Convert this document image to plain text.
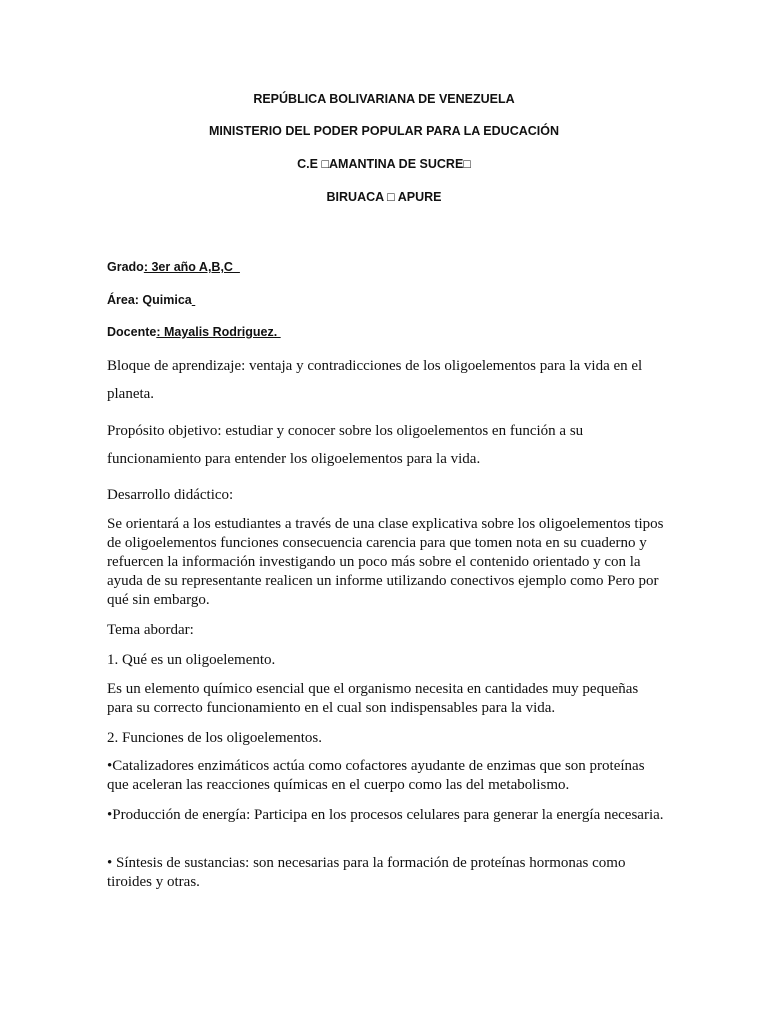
REPÚBLICA BOLIVARIANA DE VENEZUELA
MINISTERIO DEL PODER POPULAR PARA LA EDUCACIÓN
C.E □AMANTINA DE SUCRE□
BIRUACA □ APURE
Grado: 3er año A,B,C
Área: Quimica
Docente: Mayalis Rodriguez.
Bloque de aprendizaje: ventaja y contradicciones de los oligoelementos para la vida en el planeta.
Propósito objetivo: estudiar y conocer sobre los oligoelementos en función a su funcionamiento para entender los oligoelementos para la vida.
Desarrollo didáctico:
Se orientará a los estudiantes a través de una clase explicativa sobre los oligoelementos tipos de oligoelementos funciones consecuencia carencia para que tomen nota en su cuaderno y refuercen la información investigando un poco más sobre el contenido orientado y con la ayuda de su representante realicen un informe utilizando conectivos ejemplo como Pero por qué sin embargo.
Tema abordar:
1. Qué es un oligoelemento.
Es un elemento químico esencial que el organismo necesita en cantidades muy pequeñas para su correcto funcionamiento en el cual son indispensables para la vida.
2. Funciones de los oligoelementos.
•Catalizadores enzimáticos actúa como cofactores ayudante de enzimas que son proteínas que aceleran las reacciones químicas en el cuerpo como las del metabolismo.
•Producción de energía: Participa en los procesos celulares para generar la energía necesaria.
• Síntesis de sustancias: son necesarias para la formación de proteínas hormonas como tiroides y otras.
